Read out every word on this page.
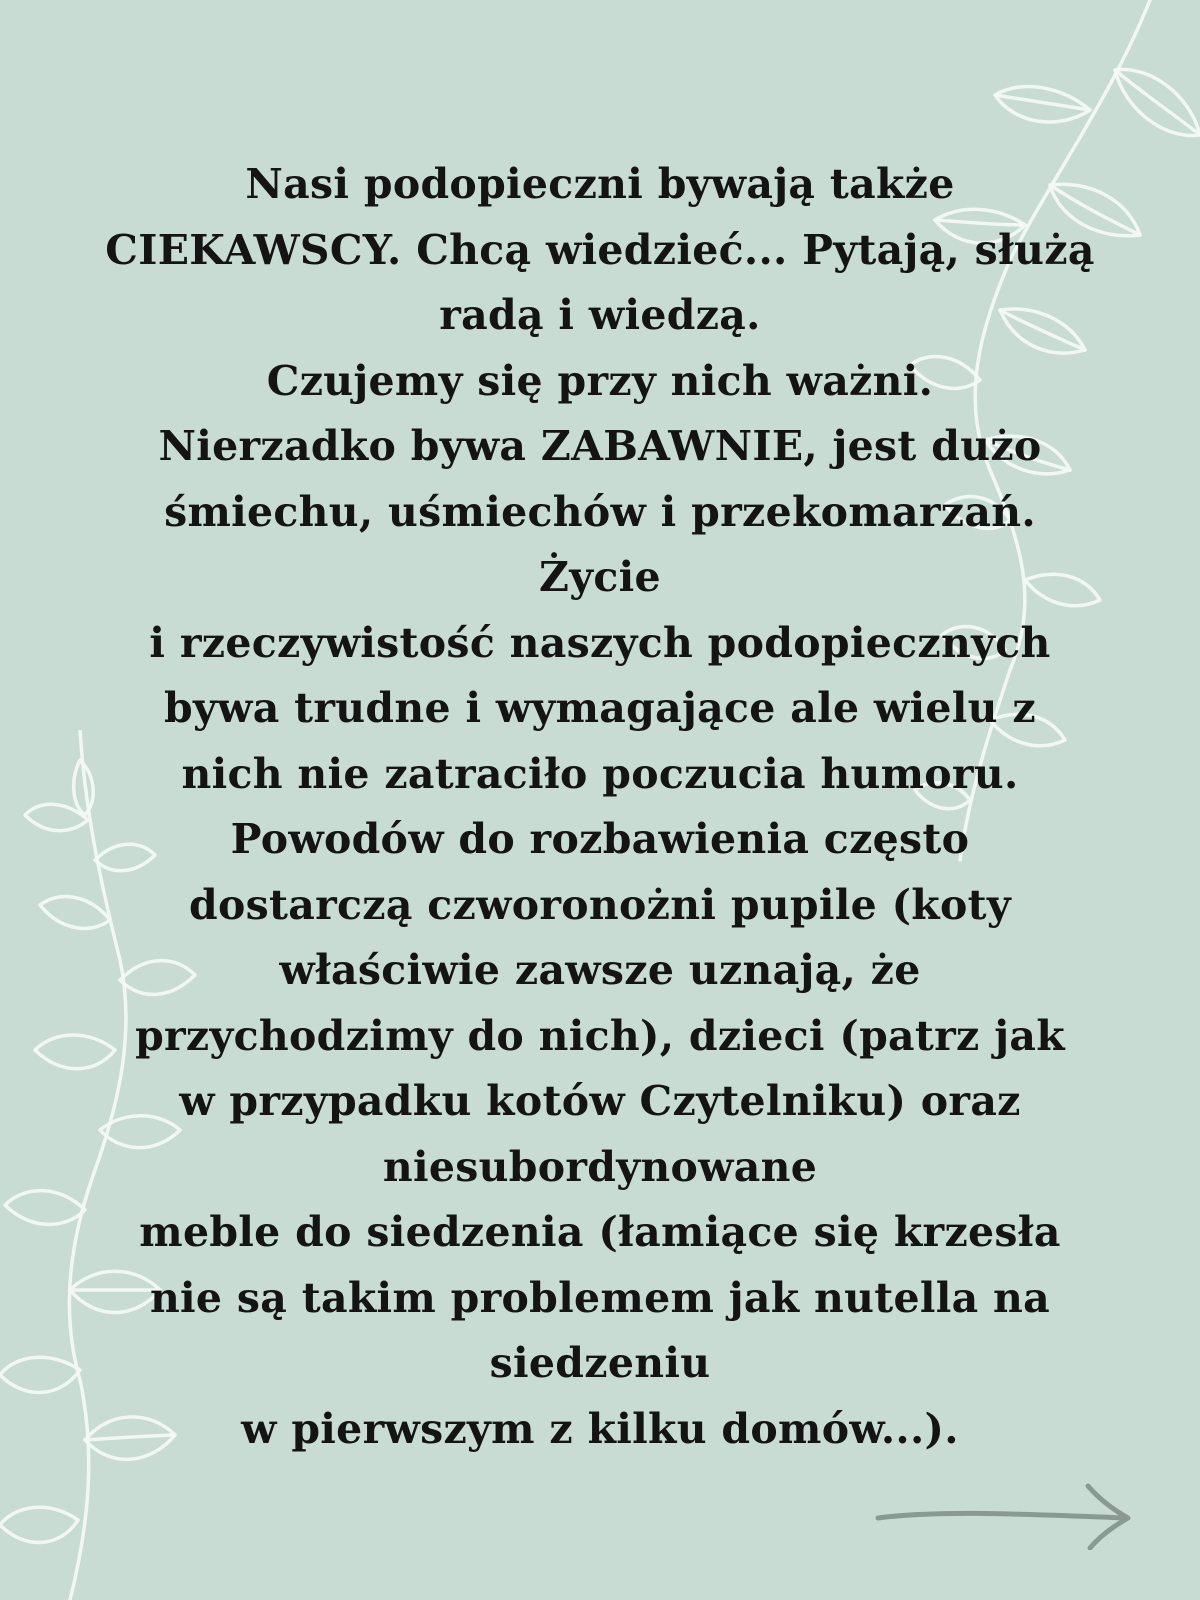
Nasi podopieczni bywają także
CIEKAWSCY. Chcą wiedzieć... Pytają, służą
radą i wiedzą.
Czujemy się przy nich ważni.
Nierzadko bywa ZABAWNIE, jest dużo
śmiechu, uśmiechów i przekomarzań.
Życie
i rzeczywistość naszych podopiecznych
bywa trudne i wymagające ale wielu z
nich nie zatraciło poczucia humoru.
Powodów do rozbawienia często
dostarczą czworonożni pupile (koty
właściwie zawsze uznają, że
przychodzimy do nich), dzieci (patrz jak
w przypadku kotów Czytelniku) oraz
niesubordynowane
meble do siedzenia (łamiące się krzesła
nie są takim problemem jak nutella na
siedzeniu
w pierwszym z kilku domów...).
